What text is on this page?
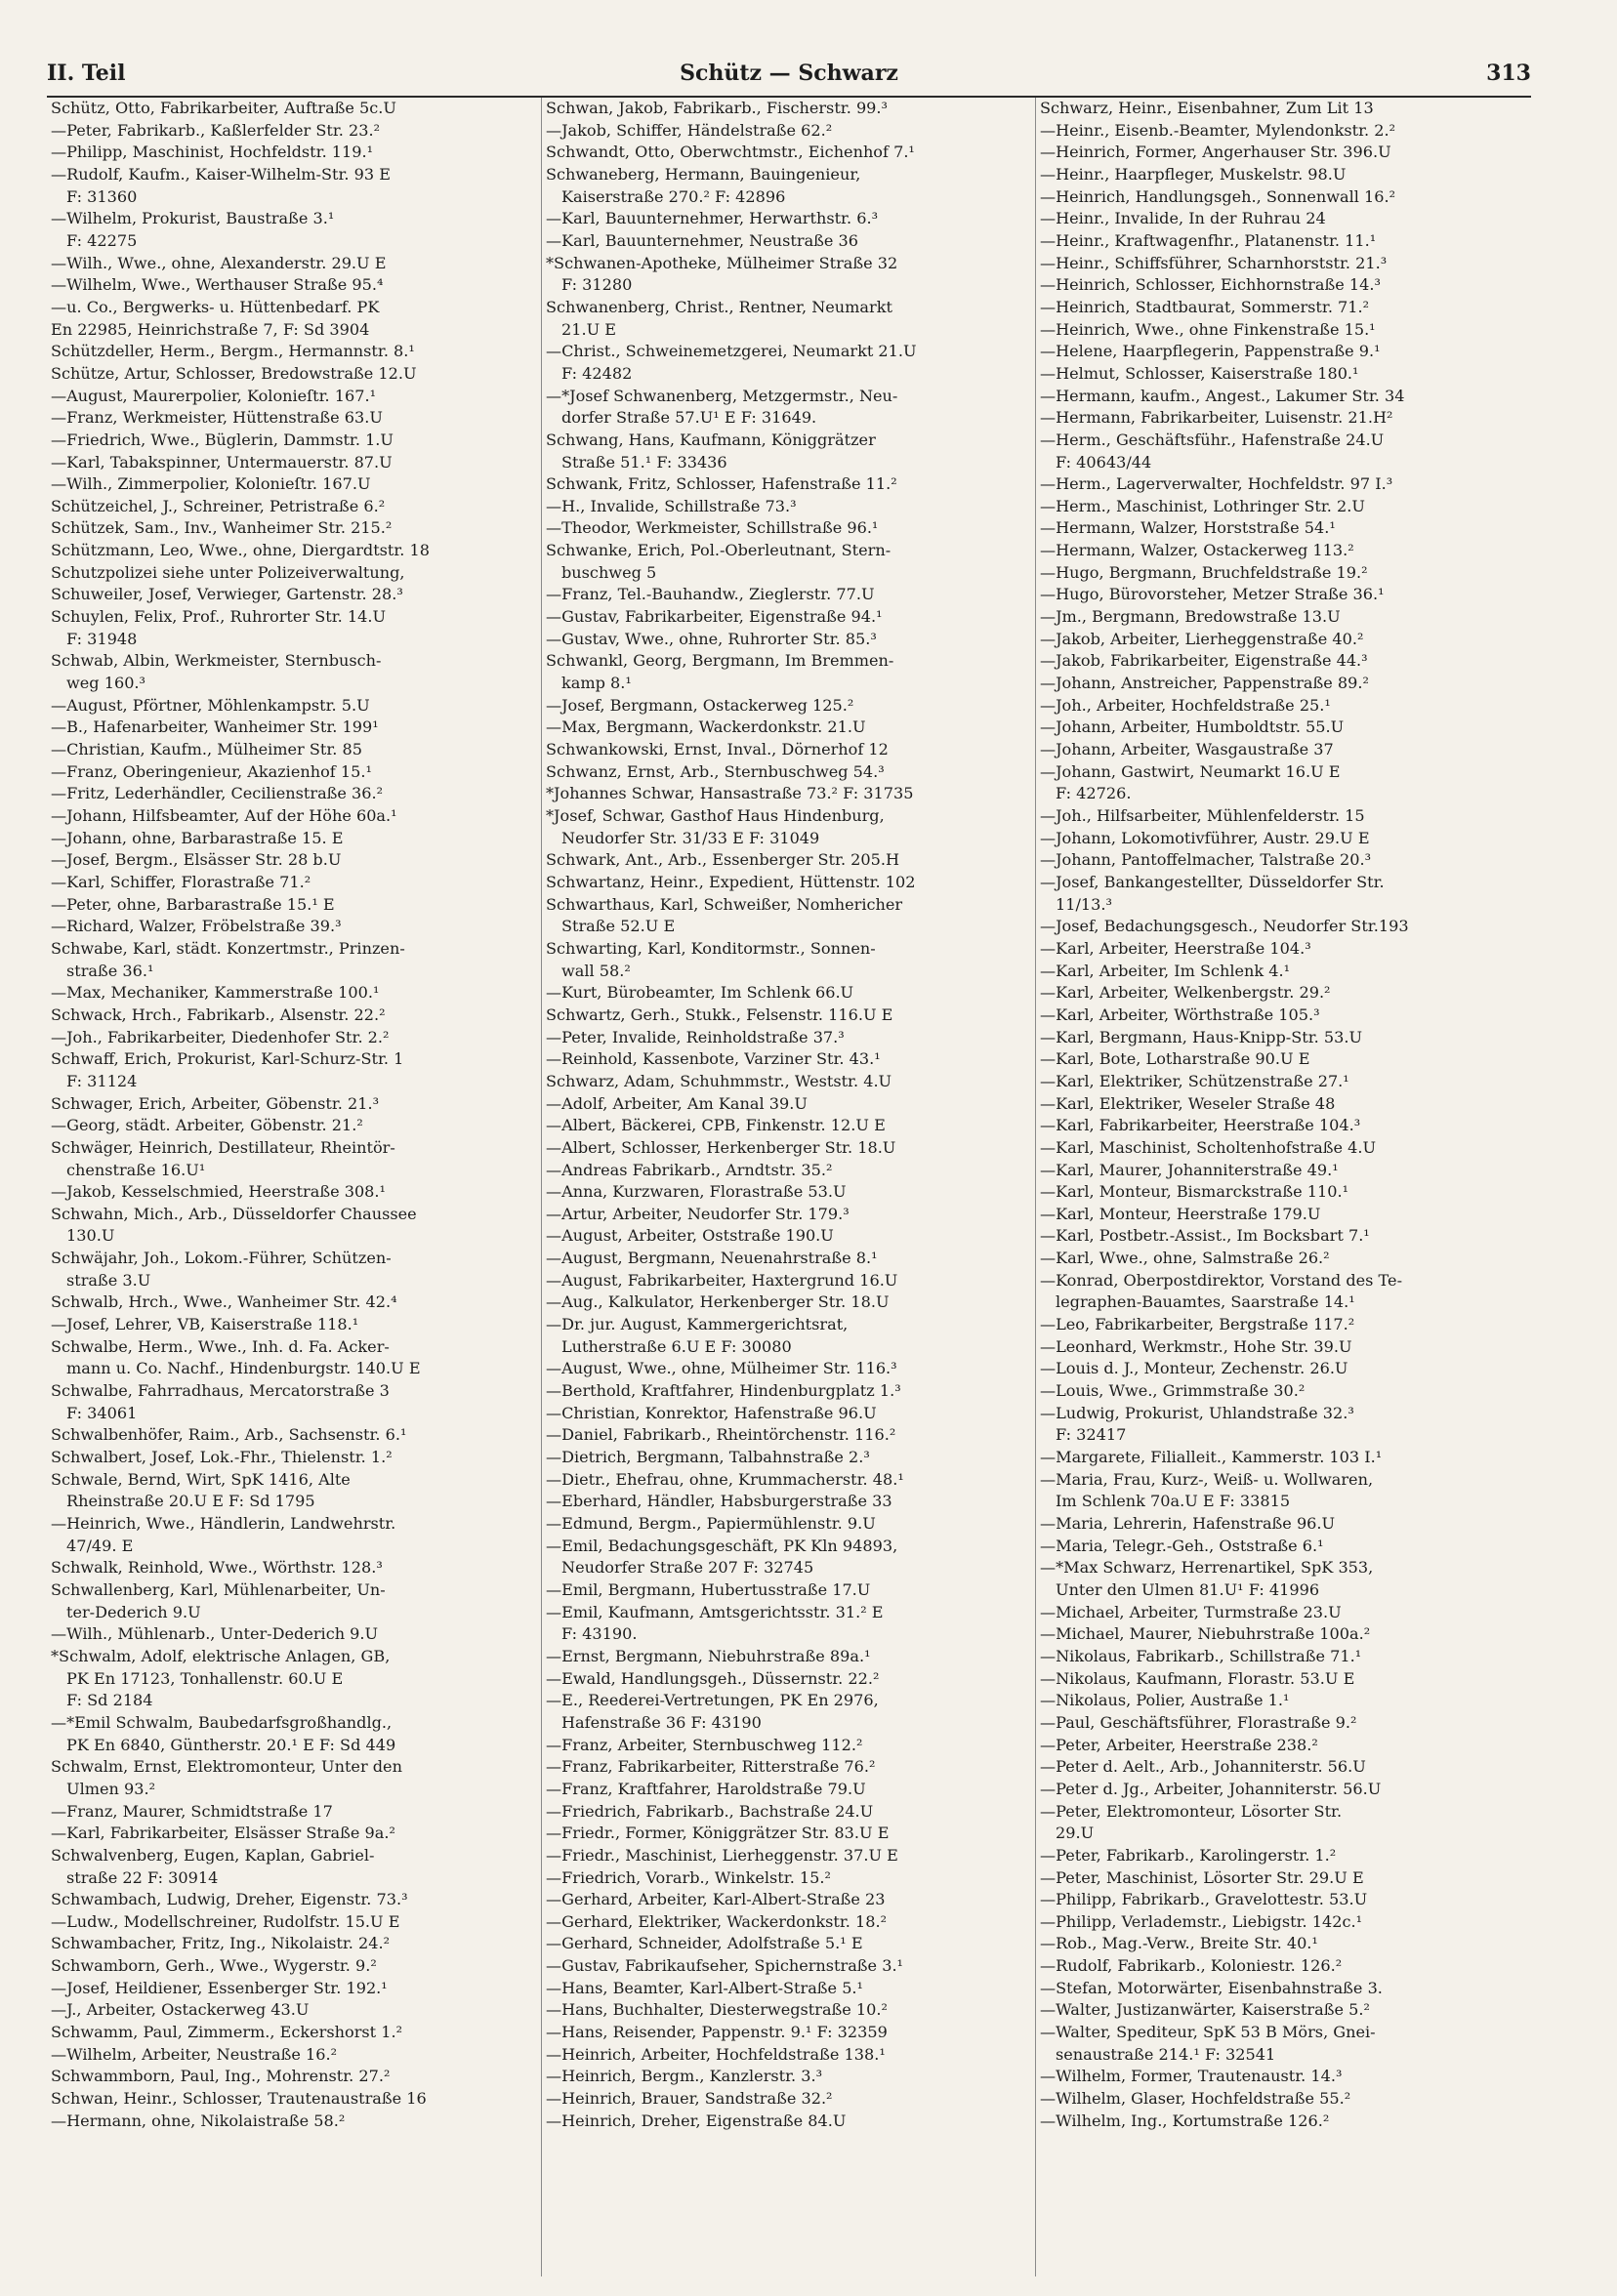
II. Teil	Schütz — Schwarz	313

Schütz, Otto, Fabrikarbeiter, Auftraße 5c.U

—Peter, Fabrikarb., Kaßlerfelder Str. 23.²

—Philipp, Maschinist, Hochfeldstr. 119.¹

—Rudolf, Kaufm., Kaiser-Wilhelm-Str. 93 E

F: 31360

—Wilhelm, Prokurist, Baustraße 3.¹

F: 42275

—Wilh., Wwe., ohne, Alexanderstr. 29.U E

—Wilhelm, Wwe., Werthauser Straße 95.⁴

—u. Co., Bergwerks- u. Hüttenbedarf. PK

En 22985, Heinrichstraße 7, F: Sd 3904

Schützdeller, Herm., Bergm., Hermannstr. 8.¹

Schütze, Artur, Schlosser, Bredowstraße 12.U

—August, Maurerpolier, Kolonieſtr. 167.¹

—Franz, Werkmeister, Hüttenstraße 63.U

—Friedrich, Wwe., Büglerin, Dammstr. 1.U

—Karl, Tabakspinner, Untermauerstr. 87.U

—Wilh., Zimmerpolier, Kolonieſtr. 167.U

Schützeichel, J., Schreiner, Petristraße 6.²

Schützek, Sam., Inv., Wanheimer Str. 215.²

Schützmann, Leo, Wwe., ohne, Diergardtstr. 18

Schutzpolizei siehe unter Polizeiverwaltung,

Schuweiler, Josef, Verwieger, Gartenstr. 28.³

Schuylen, Felix, Prof., Ruhrorter Str. 14.U

F: 31948

Schwab, Albin, Werkmeister, Sternbusch-

weg 160.³

—August, Pförtner, Möhlenkampstr. 5.U

—B., Hafenarbeiter, Wanheimer Str. 199¹

—Christian, Kaufm., Mülheimer Str. 85

—Franz, Oberingenieur, Akazienhof 15.¹

—Fritz, Lederhändler, Cecilienstraße 36.²

—Johann, Hilfsbeamter, Auf der Höhe 60a.¹

—Johann, ohne, Barbarastraße 15. E

—Josef, Bergm., Elsässer Str. 28 b.U

—Karl, Schiffer, Florastraße 71.²

—Peter, ohne, Barbarastraße 15.¹ E

—Richard, Walzer, Fröbelstraße 39.³

Schwabe, Karl, städt. Konzertmstr., Prinzen-

straße 36.¹

—Max, Mechaniker, Kammerstraße 100.¹

Schwack, Hrch., Fabrikarb., Alsenstr. 22.²

—Joh., Fabrikarbeiter, Diedenhofer Str. 2.²

Schwaff, Erich, Prokurist, Karl-Schurz-Str. 1

F: 31124

Schwager, Erich, Arbeiter, Göbenstr. 21.³

—Georg, städt. Arbeiter, Göbenstr. 21.²

Schwäger, Heinrich, Destillateur, Rheintör-

chenstraße 16.U¹

—Jakob, Kesselschmied, Heerstraße 308.¹

Schwahn, Mich., Arb., Düsseldorfer Chaussee

130.U

Schwäjahr, Joh., Lokom.-Führer, Schützen-

straße 3.U

Schwalb, Hrch., Wwe., Wanheimer Str. 42.⁴

—Josef, Lehrer, VB, Kaiserstraße 118.¹

Schwalbe, Herm., Wwe., Inh. d. Fa. Acker-

mann u. Co. Nachf., Hindenburgstr. 140.U E

Schwalbe, Fahrradhaus, Mercatorstraße 3

F: 34061

Schwalbenhöfer, Raim., Arb., Sachsenstr. 6.¹

Schwalbert, Josef, Lok.-Fhr., Thielenstr. 1.²

Schwale, Bernd, Wirt, SpK 1416, Alte

Rheinstraße 20.U E F: Sd 1795

—Heinrich, Wwe., Händlerin, Landwehrstr.

47/49. E

Schwalk, Reinhold, Wwe., Wörthstr. 128.³

Schwallenberg, Karl, Mühlenarbeiter, Un-

ter-Dederich 9.U

—Wilh., Mühlenarb., Unter-Dederich 9.U

*Schwalm, Adolf, elektrische Anlagen, GB,

PK En 17123, Tonhallenstr. 60.U E

F: Sd 2184

—*Emil Schwalm, Baubedarfsgroßhandlg.,

PK En 6840, Güntherstr. 20.¹ E F: Sd 449

Schwalm, Ernst, Elektromonteur, Unter den

Ulmen 93.²

—Franz, Maurer, Schmidtstraße 17

—Karl, Fabrikarbeiter, Elsässer Straße 9a.²

Schwalvenberg, Eugen, Kaplan, Gabriel-

straße 22 F: 30914

Schwambach, Ludwig, Dreher, Eigenstr. 73.³

—Ludw., Modellschreiner, Rudolfstr. 15.U E

Schwambacher, Fritz, Ing., Nikolaistr. 24.²

Schwamborn, Gerh., Wwe., Wygerstr. 9.²

—Josef, Heildiener, Essenberger Str. 192.¹

—J., Arbeiter, Ostackerweg 43.U

Schwamm, Paul, Zimmerm., Eckershorst 1.²

—Wilhelm, Arbeiter, Neustraße 16.²

Schwammborn, Paul, Ing., Mohrenstr. 27.²

Schwan, Heinr., Schlosser, Trautenaustraße 16

—Hermann, ohne, Nikolaistraße 58.²

Schwan, Jakob, Fabrikarb., Fischerstr. 99.³

—Jakob, Schiffer, Händelstraße 62.²

Schwandt, Otto, Oberwchtmstr., Eichenhof 7.¹

Schwaneberg, Hermann, Bauingenieur,

Kaiserstraße 270.² F: 42896

—Karl, Bauunternehmer, Herwarthstr. 6.³

—Karl, Bauunternehmer, Neustraße 36

*Schwanen-Apotheke, Mülheimer Straße 32

F: 31280

Schwanenberg, Christ., Rentner, Neumarkt

21.U E

—Christ., Schweinemetzgerei, Neumarkt 21.U

F: 42482

—*Josef Schwanenberg, Metzgermstr., Neu-

dorfer Straße 57.U¹ E F: 31649.

Schwang, Hans, Kaufmann, Königgrätzer

Straße 51.¹ F: 33436

Schwank, Fritz, Schlosser, Hafenstraße 11.²

—H., Invalide, Schillstraße 73.³

—Theodor, Werkmeister, Schillstraße 96.¹

Schwanke, Erich, Pol.-Oberleutnant, Stern-

buschweg 5

—Franz, Tel.-Bauhandw., Zieglerstr. 77.U

—Gustav, Fabrikarbeiter, Eigenstraße 94.¹

—Gustav, Wwe., ohne, Ruhrorter Str. 85.³

Schwankl, Georg, Bergmann, Im Bremmen-

kamp 8.¹

—Josef, Bergmann, Ostackerweg 125.²

—Max, Bergmann, Wackerdonkstr. 21.U

Schwankowski, Ernst, Inval., Dörnerhof 12

Schwanz, Ernst, Arb., Sternbuschweg 54.³

*Johannes Schwar, Hansastraße 73.² F: 31735

*Josef, Schwar, Gasthof Haus Hindenburg,

Neudorfer Str. 31/33 E F: 31049

Schwark, Ant., Arb., Essenberger Str. 205.H

Schwartanz, Heinr., Expedient, Hüttenstr. 102

Schwarthaus, Karl, Schweißer, Nomhericher

Straße 52.U E

Schwarting, Karl, Konditormstr., Sonnen-

wall 58.²

—Kurt, Bürobeamter, Im Schlenk 66.U

Schwartz, Gerh., Stukk., Felsenstr. 116.U E

—Peter, Invalide, Reinholdstraße 37.³

—Reinhold, Kassenbote, Varziner Str. 43.¹

Schwarz, Adam, Schuhmmstr., Weststr. 4.U

—Adolf, Arbeiter, Am Kanal 39.U

—Albert, Bäckerei, CPB, Finkenstr. 12.U E

—Albert, Schlosser, Herkenberger Str. 18.U

—Andreas Fabrikarb., Arndtstr. 35.²

—Anna, Kurzwaren, Florastraße 53.U

—Artur, Arbeiter, Neudorfer Str. 179.³

—August, Arbeiter, Oststraße 190.U

—August, Bergmann, Neuenahrstraße 8.¹

—August, Fabrikarbeiter, Haxtergrund 16.U

—Aug., Kalkulator, Herkenberger Str. 18.U

—Dr. jur. August, Kammergerichtsrat,

Lutherstraße 6.U E F: 30080

—August, Wwe., ohne, Mülheimer Str. 116.³

—Berthold, Kraftfahrer, Hindenburgplatz 1.³

—Christian, Konrektor, Hafenstraße 96.U

—Daniel, Fabrikarb., Rheintörchenstr. 116.²

—Dietrich, Bergmann, Talbahnstraße 2.³

—Dietr., Ehefrau, ohne, Krummacherstr. 48.¹

—Eberhard, Händler, Habsburgerstraße 33

—Edmund, Bergm., Papiermühlenstr. 9.U

—Emil, Bedachungsgeschäft, PK Kln 94893,

Neudorfer Straße 207 F: 32745

—Emil, Bergmann, Hubertusstraße 17.U

—Emil, Kaufmann, Amtsgerichtsstr. 31.² E

F: 43190.

—Ernst, Bergmann, Niebuhrstraße 89a.¹

—Ewald, Handlungsgeh., Düssernstr. 22.²

—E., Reederei-Vertretungen, PK En 2976,

Hafenstraße 36 F: 43190

—Franz, Arbeiter, Sternbuschweg 112.²

—Franz, Fabrikarbeiter, Ritterstraße 76.²

—Franz, Kraftfahrer, Haroldstraße 79.U

—Friedrich, Fabrikarb., Bachstraße 24.U

—Friedr., Former, Königgrätzer Str. 83.U E

—Friedr., Maschinist, Lierheggenstr. 37.U E

—Friedrich, Vorarb., Winkelstr. 15.²

—Gerhard, Arbeiter, Karl-Albert-Straße 23

—Gerhard, Elektriker, Wackerdonkstr. 18.²

—Gerhard, Schneider, Adolfstraße 5.¹ E

—Gustav, Fabrikaufseher, Spichernstraße 3.¹

—Hans, Beamter, Karl-Albert-Straße 5.¹

—Hans, Buchhalter, Diesterwegstraße 10.²

—Hans, Reisender, Pappenstr. 9.¹ F: 32359

—Heinrich, Arbeiter, Hochfeldstraße 138.¹

—Heinrich, Bergm., Kanzlerstr. 3.³

—Heinrich, Brauer, Sandstraße 32.²

—Heinrich, Dreher, Eigenstraße 84.U

Schwarz, Heinr., Eisenbahner, Zum Lit 13

—Heinr., Eisenb.-Beamter, Mylendonkstr. 2.²

—Heinrich, Former, Angerhauser Str. 396.U

—Heinr., Haarpfleger, Muskelstr. 98.U

—Heinrich, Handlungsgeh., Sonnenwall 16.²

—Heinr., Invalide, In der Ruhrau 24

—Heinr., Kraftwagenfhr., Platanenstr. 11.¹

—Heinr., Schiffsführer, Scharnhorststr. 21.³

—Heinrich, Schlosser, Eichhornstraße 14.³

—Heinrich, Stadtbaurat, Sommerstr. 71.²

—Heinrich, Wwe., ohne Finkenstraße 15.¹

—Helene, Haarpflegerin, Pappenstraße 9.¹

—Helmut, Schlosser, Kaiserstraße 180.¹

—Hermann, kaufm., Angest., Lakumer Str. 34

—Hermann, Fabrikarbeiter, Luisenstr. 21.H²

—Herm., Geschäftsführ., Hafenstraße 24.U

F: 40643/44

—Herm., Lagerverwalter, Hochfeldstr. 97 I.³

—Herm., Maschinist, Lothringer Str. 2.U

—Hermann, Walzer, Horststraße 54.¹

—Hermann, Walzer, Ostackerweg 113.²

—Hugo, Bergmann, Bruchfeldstraße 19.²

—Hugo, Bürovorsteher, Metzer Straße 36.¹

—Jm., Bergmann, Bredowstraße 13.U

—Jakob, Arbeiter, Lierheggenstraße 40.²

—Jakob, Fabrikarbeiter, Eigenstraße 44.³

—Johann, Anstreicher, Pappenstraße 89.²

—Joh., Arbeiter, Hochfeldstraße 25.¹

—Johann, Arbeiter, Humboldtstr. 55.U

—Johann, Arbeiter, Wasgaustraße 37

—Johann, Gastwirt, Neumarkt 16.U E

F: 42726.

—Joh., Hilfsarbeiter, Mühlenfelderstr. 15

—Johann, Lokomotivführer, Austr. 29.U E

—Johann, Pantoffelmacher, Talstraße 20.³

—Josef, Bankangestellter, Düsseldorfer Str.

11/13.³

—Josef, Bedachungsgesch., Neudorfer Str.193

—Karl, Arbeiter, Heerstraße 104.³

—Karl, Arbeiter, Im Schlenk 4.¹

—Karl, Arbeiter, Welkenbergstr. 29.²

—Karl, Arbeiter, Wörthstraße 105.³

—Karl, Bergmann, Haus-Knipp-Str. 53.U

—Karl, Bote, Lotharstraße 90.U E

—Karl, Elektriker, Schützenstraße 27.¹

—Karl, Elektriker, Weseler Straße 48

—Karl, Fabrikarbeiter, Heerstraße 104.³

—Karl, Maschinist, Scholtenhofstraße 4.U

—Karl, Maurer, Johanniterstraße 49.¹

—Karl, Monteur, Bismarckstraße 110.¹

—Karl, Monteur, Heerstraße 179.U

—Karl, Postbetr.-Assist., Im Bocksbart 7.¹

—Karl, Wwe., ohne, Salmstraße 26.²

—Konrad, Oberpostdirektor, Vorstand des Te-

legraphen-Bauamtes, Saarstraße 14.¹

—Leo, Fabrikarbeiter, Bergstraße 117.²

—Leonhard, Werkmstr., Hohe Str. 39.U

—Louis d. J., Monteur, Zechenstr. 26.U

—Louis, Wwe., Grimmstraße 30.²

—Ludwig, Prokurist, Uhlandstraße 32.³

F: 32417

—Margarete, Filialleit., Kammerstr. 103 I.¹

—Maria, Frau, Kurz-, Weiß- u. Wollwaren,

Im Schlenk 70a.U E F: 33815

—Maria, Lehrerin, Hafenstraße 96.U

—Maria, Telegr.-Geh., Oststraße 6.¹

—*Max Schwarz, Herrenartikel, SpK 353,

Unter den Ulmen 81.U¹ F: 41996

—Michael, Arbeiter, Turmstraße 23.U

—Michael, Maurer, Niebuhrstraße 100a.²

—Nikolaus, Fabrikarb., Schillstraße 71.¹

—Nikolaus, Kaufmann, Florastr. 53.U E

—Nikolaus, Polier, Austraße 1.¹

—Paul, Geschäftsführer, Florastraße 9.²

—Peter, Arbeiter, Heerstraße 238.²

—Peter d. Aelt., Arb., Johanniterstr. 56.U

—Peter d. Jg., Arbeiter, Johanniterstr. 56.U

—Peter, Elektromonteur, Lösorter Str.

29.U

—Peter, Fabrikarb., Karolingerstr. 1.²

—Peter, Maschinist, Lösorter Str. 29.U E

—Philipp, Fabrikarb., Gravelottestr. 53.U

—Philipp, Verlademstr., Liebigstr. 142c.¹

—Rob., Mag.-Verw., Breite Str. 40.¹

—Rudolf, Fabrikarb., Koloniestr. 126.²

—Stefan, Motorwärter, Eisenbahnstraße 3.

—Walter, Justizanwärter, Kaiserstraße 5.²

—Walter, Spediteur, SpK 53 B Mörs, Gnei-

senaustraße 214.¹ F: 32541

—Wilhelm, Former, Trautenaustr. 14.³

—Wilhelm, Glaser, Hochfeldstraße 55.²

—Wilhelm, Ing., Kortumstraße 126.²
